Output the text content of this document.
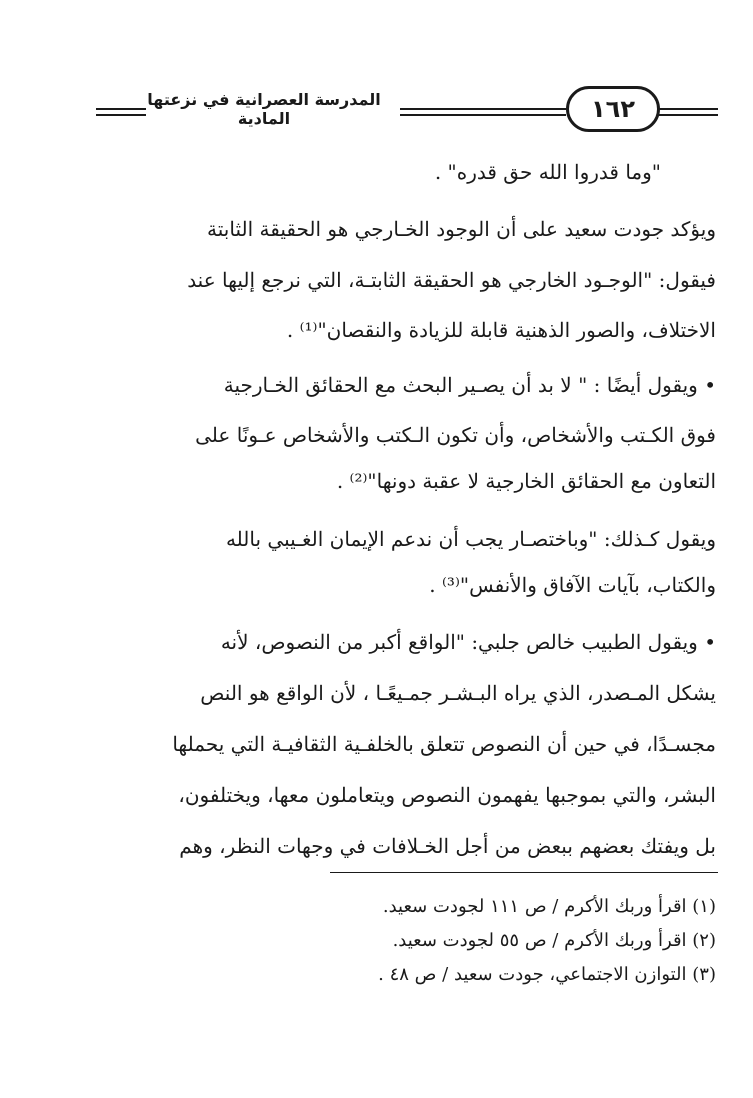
١٦٢
المدرسة العصرانية في نزعتها المادية
"وما قدروا الله حق قدره" .
ويؤكد جودت سعيد على أن الوجود الخـارجي هو الحقيقة الثابتة
فيقول: "الوجـود الخارجي هو الحقيقة الثابتـة، التي نرجع إليها عند
الاختلاف، والصور الذهنية قابلة للزيادة والنقصان"⁽¹⁾ .
• ويقول أيضًا : " لا بد أن يصـير البحث مع الحقائق الخـارجية
فوق الكـتب والأشخاص، وأن تكون الـكتب والأشخاص عـونًا على
التعاون مع الحقائق الخارجية لا عقبة دونها"⁽²⁾ .
ويقول كـذلك: "وباختصـار يجب أن ندعم الإيمان الغـيبي بالله
والكتاب، بآيات الآفاق والأنفس"⁽³⁾ .
• ويقول الطبيب خالص جلبي: "الواقع أكبر من النصوص، لأنه
يشكل المـصدر، الذي يراه البـشـر جمـيعًـا ، لأن الواقع هو النص
مجسـدًا، في حين أن النصوص تتعلق بالخلفـية الثقافيـة التي يحملها
البشر، والتي بموجبها يفهمون النصوص ويتعاملون معها، ويختلفون،
بل ويفتك بعضهم ببعض من أجل الخـلافات في وجهات النظر، وهم
(١) اقرأ وربك الأكرم / ص ١١١ لجودت سعيد.
(٢) اقرأ وربك الأكرم / ص ٥٥ لجودت سعيد.
(٣) التوازن الاجتماعي، جودت سعيد / ص ٤٨ .
